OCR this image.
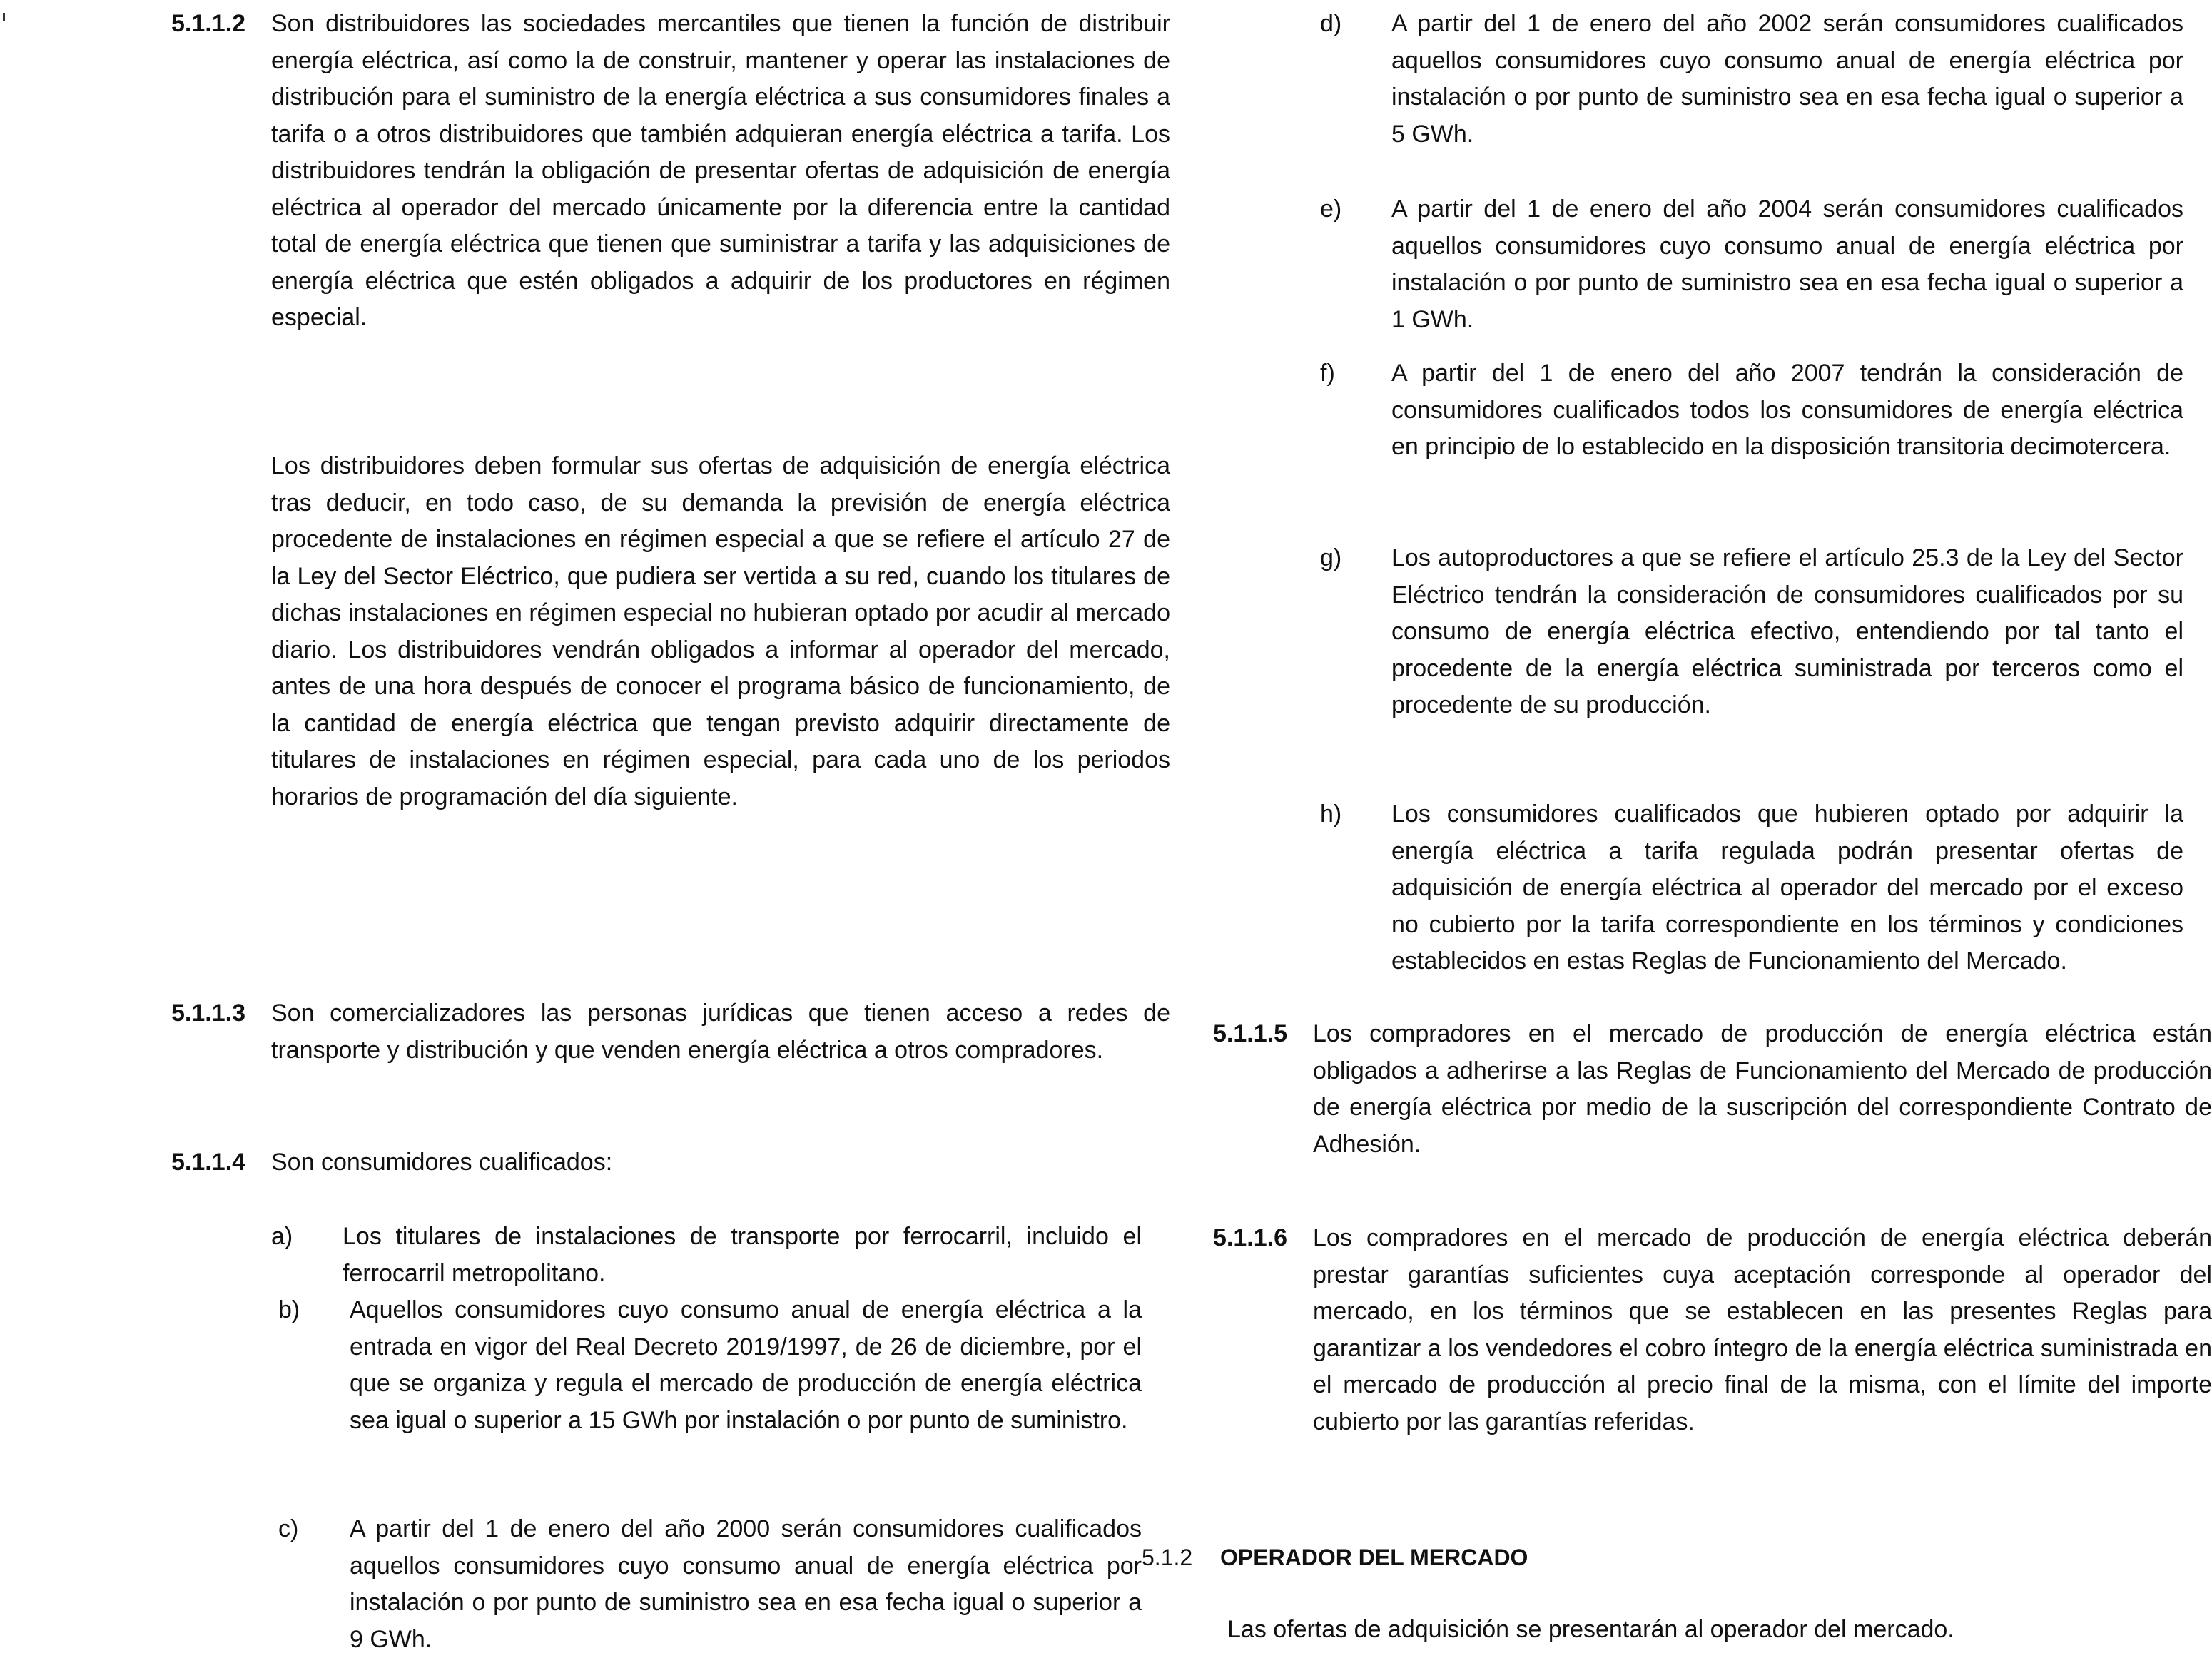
5.1.1.2 Son distribuidores las sociedades mercantiles que tienen la función de distribuir energía eléctrica, así como la de construir, mantener y operar las instalaciones de distribución para el suministro de la energía eléctrica a sus consumidores finales a tarifa o a otros distribuidores que también adquieran energía eléctrica a tarifa. Los distribuidores tendrán la obligación de presentar ofertas de adquisición de energía eléctrica al operador del mercado únicamente por la diferencia entre la cantidad total de energía eléctrica que tienen que suministrar a tarifa y las adquisiciones de energía eléctrica que estén obligados a adquirir de los productores en régimen especial.

Los distribuidores deben formular sus ofertas de adquisición de energía eléctrica tras deducir, en todo caso, de su demanda la previsión de energía eléctrica procedente de instalaciones en régimen especial a que se refiere el artículo 27 de la Ley del Sector Eléctrico, que pudiera ser vertida a su red, cuando los titulares de dichas instalaciones en régimen especial no hubieran optado por acudir al mercado diario. Los distribuidores vendrán obligados a informar al operador del mercado, antes de una hora después de conocer el programa básico de funcionamiento, de la cantidad de energía eléctrica que tengan previsto adquirir directamente de titulares de instalaciones en régimen especial, para cada uno de los periodos horarios de programación del día siguiente.

5.1.1.3 Son comercializadores las personas jurídicas que tienen acceso a redes de transporte y distribución y que venden energía eléctrica a otros compradores.

5.1.1.4 Son consumidores cualificados:

a) Los titulares de instalaciones de transporte por ferrocarril, incluido el ferrocarril metropolitano.

b) Aquellos consumidores cuyo consumo anual de energía eléctrica a la entrada en vigor del Real Decreto 2019/1997, de 26 de diciembre, por el que se organiza y regula el mercado de producción de energía eléctrica sea igual o superior a 15 GWh por instalación o por punto de suministro.

c) A partir del 1 de enero del año 2000 serán consumidores cualificados aquellos consumidores cuyo consumo anual de energía eléctrica por instalación o por punto de suministro sea en esa fecha igual o superior a 9 GWh.

d) A partir del 1 de enero del año 2002 serán consumidores cualificados aquellos consumidores cuyo consumo anual de energía eléctrica por instalación o por punto de suministro sea en esa fecha igual o superior a 5 GWh.

e) A partir del 1 de enero del año 2004 serán consumidores cualificados aquellos consumidores cuyo consumo anual de energía eléctrica por instalación o por punto de suministro sea en esa fecha igual o superior a 1 GWh.

f) A partir del 1 de enero del año 2007 tendrán la consideración de consumidores cualificados todos los consumidores de energía eléctrica en principio de lo establecido en la disposición transitoria decimotercera.

g) Los autoproductores a que se refiere el artículo 25.3 de la Ley del Sector Eléctrico tendrán la consideración de consumidores cualificados por su consumo de energía eléctrica efectivo, entendiendo por tal tanto el procedente de la energía eléctrica suministrada por terceros como el procedente de su producción.

h) Los consumidores cualificados que hubieren optado por adquirir la energía eléctrica a tarifa regulada podrán presentar ofertas de adquisición de energía eléctrica al operador del mercado por el exceso no cubierto por la tarifa correspondiente en los términos y condiciones establecidos en estas Reglas de Funcionamiento del Mercado.

5.1.1.5 Los compradores en el mercado de producción de energía eléctrica están obligados a adherirse a las Reglas de Funcionamiento del Mercado de producción de energía eléctrica por medio de la suscripción del correspondiente Contrato de Adhesión.

5.1.1.6 Los compradores en el mercado de producción de energía eléctrica deberán prestar garantías suficientes cuya aceptación corresponde al operador del mercado, en los términos que se establecen en las presentes Reglas para garantizar a los vendedores el cobro íntegro de la energía eléctrica suministrada en el mercado de producción al precio final de la misma, con el límite del importe cubierto por las garantías referidas.

5.1.2 OPERADOR DEL MERCADO

Las ofertas de adquisición se presentarán al operador del mercado.
